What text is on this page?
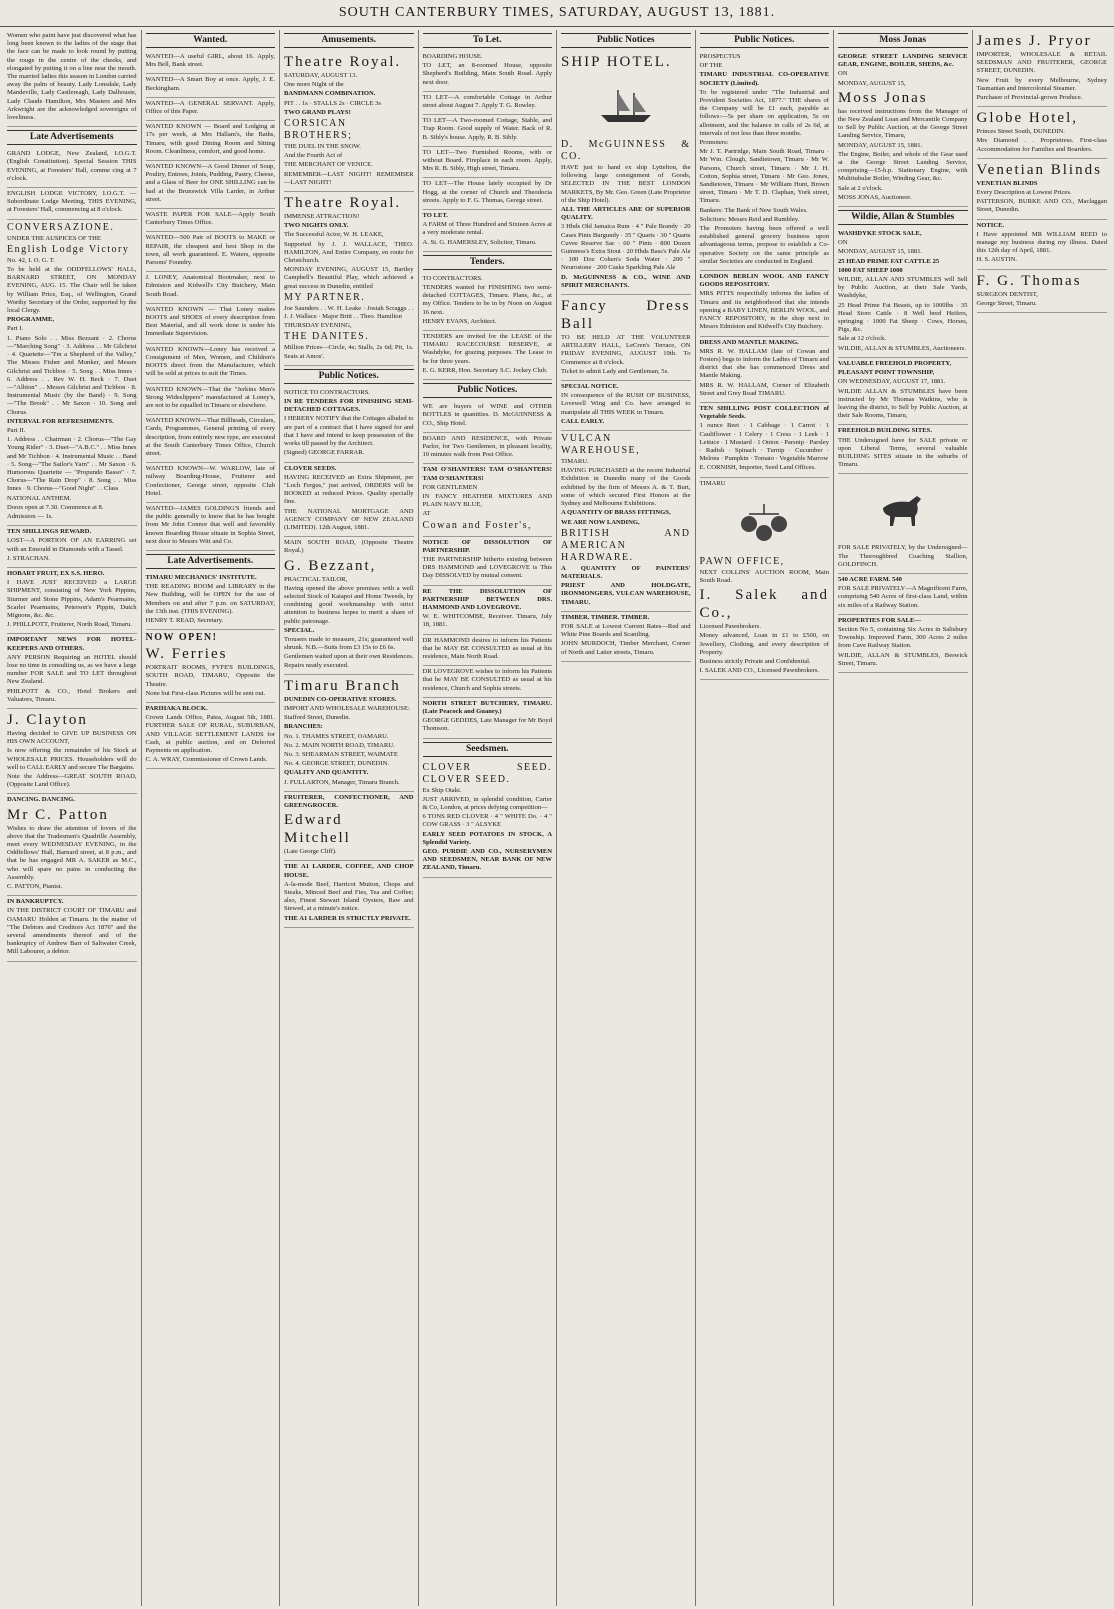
SOUTH CANTERBURY TIMES, SATURDAY, AUGUST 13, 1881.

Women who paint have just discovered what has long been known to the ladies of the stage that the face can be made to look round by putting the rouge in the centre of the cheeks, and elongated by putting it on a line near the mouth. The married ladies this season in London carried away the palm of beauty. Lady Lonsdale, Lady Mandeville, Lady Castlereagh, Lady Dalhousie, Lady Claude Hamilton, Mrs Masters and Mrs Arkwright are the acknowledged sovereigns of loveliness.

Late Advertisements

GRAND LODGE, New Zealand, I.O.G.T. (English Constitution). Special Session THIS EVENING, at Foresters' Hall, comme cing at 7 o'clock.

ENGLISH LODGE VICTORY, I.O.G.T. — Subordinate Lodge Meeting, THIS EVENING, at Foresters' Hall, commencing at 8 o'clock.

CONVERSAZIONE.

UNDER THE AUSPICES OF THE

English Lodge Victory

No. 42, I. O. G. T.

To be held at the ODDFELLOWS' HALL, BARNARD STREET, ON MONDAY EVENING, AUG. 15. The Chair will be taken by William Price, Esq., of Wellington, Grand Worthy Secretary of the Order, supported by the local Clergy.

PROGRAMME,

Part I.

1. Piano Solo . . Miss Bezzant · 2. Chorus—"Marching Song" · 3. Address . . Mr Gilchrist · 4. Quartette—"I'm a Shepherd of the Valley," The Misses Fisher and Munker, and Messrs Gilchrist and Tichbon · 5. Song . . Miss Innes · 6. Address . . Rev W. H. Beck · 7. Duet—"Albion" . . Messrs Gilchrist and Tichbon · 8. Instrumental Music (by the Band) · 9. Song—"The Brook" . . Mr Saxon · 10. Song and Chorus

INTERVAL FOR REFRESHMENTS.

Part II.

1. Address . . Chairman · 2. Chorus—"The Gay Young Rider" · 3. Duet—"A.B.C." . . Miss Innes and Mr Tichbon · 4. Instrumental Music . . Band · 5. Song—"The Sailor's Yarn" . . Mr Saxon · 6. Humorous Quartette — "Propundo Basso" · 7. Chorus—"The Rain Drop" · 8. Song . . Miss Innes · 9. Chorus—"Good Night" . . Class

NATIONAL ANTHEM.

Doors open at 7.30. Commence at 8.

Admission — 1s.

TEN SHILLINGS REWARD.

LOST—A PORTION OF AN EARRING set with an Emerald in Diamonds with a Tassel.

J. STRACHAN.

HOBART FRUIT, EX S.S. HERO.

I HAVE JUST RECEIVED a LARGE SHIPMENT, consisting of New York Pippins, Sturmer and Stone Pippins, Adam's Pearmains, Scarlet Pearmains, Peterson's Pippin, Dutch Mignons, &c. &c.

J. PHILLPOTT, Fruiterer, North Road, Timaru.

IMPORTANT NEWS FOR HOTEL-KEEPERS AND OTHERS.

ANY PERSON Requiring an HOTEL should lose no time in consulting us, as we have a large number FOR SALE and TO LET throughout New Zealand.

PHILPOTT & CO., Hotel Brokers and Valuators, Timaru.

J. Clayton

Having decided to GIVE UP BUSINESS ON HIS OWN ACCOUNT,

Is now offering the remainder of his Stock at WHOLESALE PRICES. Householders will do well to CALL EARLY and secure The Bargains.

Note the Address—GREAT SOUTH ROAD, (Opposite Land Office).

DANCING. DANCING.

Mr C. Patton

Wishes to draw the attention of lovers of the above that the Tradesmen's Quadrille Assembly, meet every WEDNESDAY EVENING, in the Oddfellows' Hall, Barnard street, at 8 p.m., and that he has engaged MR A. SAKER as M.C., who will spare no pains in conducting the Assembly.

C. PATTON, Pianist.

IN BANKRUPTCY.

IN THE DISTRICT COURT OF TIMARU and OAMARU Holden at Timaru. In the matter of "The Debtors and Creditors Act 1876" and the several amendments thereof and of the bankruptcy of Andrew Barr of Saltwater Creek, Mill Labourer, a debtor.

Wanted.

WANTED—A useful GIRL, about 16. Apply, Mrs Bell, Bank street.

WANTED—A Smart Boy at once. Apply, J. E. Beckingham.

WANTED—A GENERAL SERVANT. Apply, Office of this Paper.

WANTED KNOWN — Board and Lodging at 17s per week, at Mrs Hallam's, the Baths, Timaru, with good Dining Room and Sitting Room. Cleanliness, comfort, and good home.

WANTED KNOWN—A Good Dinner of Soup, Poultry, Entrees, Joints, Pudding, Pastry, Cheese, and a Glass of Beer for ONE SHILLING can be had at the Brunswick Villa Larder, in Arthur street.

WASTE PAPER FOR SALE—Apply South Canterbury Times Office.

WANTED—500 Pair of BOOTS to MAKE or REPAIR, the cheapest and best Shop in the town, all work guaranteed. E. Waters, opposite Parsons' Foundry.

J. LONEY, Anatomical Bootmaker, next to Edmiston and Kidwell's City Butchery, Main South Road.

WANTED KNOWN — That Loney makes BOOTS and SHOES of every description from Best Material, and all work done is under his Immediate Supervision.

WANTED KNOWN—Loney has received a Consignment of Men, Women, and Children's BOOTS direct from the Manufacturer, which will be sold at prices to suit the Times.

WANTED KNOWN—That the "Jerkins Men's Strong Wideslippers" manufactured at Loney's, are not to be equalled in Timaru or elsewhere.

WANTED KNOWN—That Billheads, Circulars, Cards, Programmes, General printing of every description, from entirely new type, are executed at the South Canterbury Times Office, Church street.

WANTED KNOWN—W. WARLOW, late of railway Boarding-House, Fruiterer and Confectioner, George street, opposite Club Hotel.

WANTED—JAMES GOLDING'S friends and the public generally to know that he has bought from Mr John Connor that well and favorably known Boarding House situate in Sophia Street, next door to Messrs Witt and Co.

Late Advertisements.

TIMARU MECHANICS' INSTITUTE.

THE READING ROOM and LIBRARY in the New Building, will be OPEN for the use of Members on and after 7 p.m. on SATURDAY, the 13th inst. (THIS EVENING).

HENRY T. READ, Secretary.

NOW OPEN!

W. Ferries

PORTRAIT ROOMS, FYFE'S BUILDINGS, SOUTH ROAD, TIMARU, Opposite the Theatre.

None but First-class Pictures will be sent out.

PARIHAKA BLOCK.

Crown Lands Office, Patea, August 5th, 1881. FURTHER SALE OF RURAL, SUBURBAN, AND VILLAGE SETTLEMENT LANDS for Cash, at public auction, and on Deferred Payments on application.

C. A. WRAY, Commissioner of Crown Lands.

Amusements.

Theatre Royal.

SATURDAY, AUGUST 13.

One more Night of the

BANDMANN COMBINATION.

PIT . . 1s · STALLS 2s · CIRCLE 3s

TWO GRAND PLAYS!

CORSICAN BROTHERS;

THE DUEL IN THE SNOW.

And the Fourth Act of

THE MERCHANT OF VENICE.

REMEMBER—LAST NIGHT! REMEMBER—LAST NIGHT!

Theatre Royal.

IMMENSE ATTRACTION!

TWO NIGHTS ONLY.

The Successful Actor, W. H. LEAKE,

Supported by J. J. WALLACE, THEO. HAMILTON, And Entire Company, en route for Christchurch.

MONDAY EVENING, AUGUST 15, Bartley Campbell's Beautiful Play, which achieved a great success in Dunedin, entitled

MY PARTNER.

Joe Saunders . . W. H. Leake · Josiah Scraggs . . J. J. Wallace · Major Britt . . Theo. Hamilton

THURSDAY EVENING,

THE DANITES.

Million Prices—Circle, 4s; Stalls, 2s 6d; Pit, 1s. Seats at Amos'.

Public Notices.

NOTICE TO CONTRACTORS.

IN RE TENDERS FOR FINISHING SEMI-DETACHED COTTAGES.

I HEREBY NOTIFY that the Cottages alluded to are part of a contract that I have signed for and that I have and intend to keep possession of the works till passed by the Architect.

(Signed) GEORGE FARRAR.

CLOVER SEEDS.

HAVING RECEIVED an Extra Shipment, per "Loch Fergus," just arrived, ORDERS will be BOOKED at reduced Prices. Quality specially fine.

THE NATIONAL MORTGAGE AND AGENCY COMPANY OF NEW ZEALAND (LIMITED). 12th August, 1881.

MAIN SOUTH ROAD, (Opposite Theatre Royal.)

G. Bezzant,

PRACTICAL TAILOR,

Having opened the above premises with a well selected Stock of Kaiapoi and Home Tweeds, by combining good workmanship with strict attention to business hopes to merit a share of public patronage.

SPECIAL.

Trousers made to measure, 21s; guaranteed well shrunk. N.B.—Suits from £3 15s to £6 6s.

Gentlemen waited upon at their own Residences. Repairs neatly executed.

Timaru Branch

DUNEDIN CO-OPERATIVE STORES.

IMPORT AND WHOLESALE WAREHOUSE:

Stafford Street, Dunedin.

BRANCHES:

No. 1. THAMES STREET, OAMARU.

No. 2. MAIN NORTH ROAD, TIMARU.

No. 3. SHEARMAN STREET, WAIMATE

No. 4. GEORGE STREET, DUNEDIN.

QUALITY AND QUANTITY.

J. FULLARTON, Manager, Timaru Branch.

FRUITERER, CONFECTIONER, AND GREENGROCER.

Edward Mitchell

(Late George Cliff).

THE A1 LARDER, COFFEE, AND CHOP HOUSE.

A-la-mode Beef, Harricot Mutton, Chops and Steaks, Minced Beef and Fies, Tea and Coffee; also, Finest Stewart Island Oysters, Raw and Stewed, at a minute's notice.

THE A1 LARDER IS STRICTLY PRIVATE.

To Let.

BOARDING HOUSE.

TO LET, an 8-roomed House, opposite Shepherd's Building, Main South Road. Apply next door.

TO LET—A comfortable Cottage in Arthur street about August 7. Apply T. G. Rowley.

TO LET—A Two-roomed Cottage, Stable, and Trap Room. Good supply of Water. Back of R. B. Sibly's house. Apply, R. B. Sibly.

TO LET—Two Furnished Rooms, with or without Board. Fireplace in each room. Apply, Mrs R. B. Sibly, High street, Timaru.

TO LET—The House lately occupied by Dr Hogg, at the corner of Church and Theodocia streets. Apply to F. G. Thomas, George street.

TO LET.

A FARM of Three Hundred and Sixteen Acres at a very moderate rental.

A. St. G. HAMERSLEY, Solicitor, Timaru.

Tenders.

TO CONTRACTORS.

TENDERS wanted for FINISHING two semi-detached COTTAGES, Timaru. Plans, &c., at my Office. Tenders to be in by Noon on August 16 next.

HENRY EVANS, Architect.

TENDERS are invited for the LEASE of the TIMARU RACECOURSE RESERVE, at Washdyke, for grazing purposes. The Lease to be for three years.

E. G. KERR, Hon. Secretary S.C. Jockey Club.

Public Notices.

WE are buyers of WINE and OTHER BOTTLES in quantities. D. McGUINNESS & CO., Ship Hotel.

BOARD AND RESIDENCE, with Private Parlor, for Two Gentlemen, in pleasant locality, 10 minutes walk from Post Office.

TAM O'SHANTERS! TAM O'SHANTERS! TAM O'SHANTERS!

FOR GENTLEMEN

IN FANCY HEATHER MIXTURES AND PLAIN NAVY BLUE,

AT

Cowan and Foster's,

NOTICE OF DISSOLUTION OF PARTNERSHIP.

THE PARTNERSHIP hitherto existing between DRS HAMMOND and LOVEGROVE is This Day DISSOLVED by mutual consent.

RE THE DISSOLUTION OF PARTNERSHIP BETWEEN DRS. HAMMOND AND LOVEGROVE.

W. E. WHITCOMBE, Receiver. Timaru, July 18, 1881.

DR HAMMOND desires to inform his Patients that he MAY BE CONSULTED as usual at his residence, Main North Road.

DR LOVEGROVE wishes to inform his Patients that he MAY BE CONSULTED as usual at his residence, Church and Sophia streets.

NORTH STREET BUTCHERY, TIMARU. (Late Peacock and Guaney.)

GEORGE GEDDES, Late Manager for Mr Boyd Thomson.

Seedsmen.

CLOVER SEED. CLOVER SEED.

Ex Ship Otaki.

JUST ARRIVED, in splendid condition, Carter & Co, London, at prices defying competition—

6 TONS RED CLOVER · 4 " WHITE Do. · 4 " COW GRASS · 3 " ALSYKE

EARLY SEED POTATOES IN STOCK, A Splendid Variety.

GEO. PURDIE AND CO., NURSERYMEN AND SEEDSMEN, NEAR BANK OF NEW ZEALAND, Timaru.

Public Notices

SHIP HOTEL.

D. McGUINNESS & CO.

HAVE just to hand ex ship Lyttelton, the following large consignment of Goods, SELECTED IN THE BEST LONDON MARKETS, By Mr. Geo. Green (Late Proprietor of the Ship Hotel).

ALL THE ARTICLES ARE OF SUPERIOR QUALITY.

3 Hhds Old Jamaica Rum · 4 " Pale Brandy · 20 Cases Pints Burgundy · 35 " Quarts · 30 " Quarts Cuvee Reserve Sac · 60 " Pints · 800 Dozen Guinness's Extra Stout · 20 Hhds Bass's Pale Ale · 100 Doz Cohen's Soda Water · 200 " Neurostone · 200 Casks Sparkling Pale Ale

D. McGUINNESS & CO., WINE AND SPIRIT MERCHANTS.

Fancy Dress Ball

TO BE HELD AT THE VOLUNTEER ARTILLERY HALL, LeCren's Terrace, ON FRIDAY EVENING, AUGUST 19th. To Commence at 8 o'clock.

Ticket to admit Lady and Gentleman, 5s.

SPECIAL NOTICE.

IN consequence of the RUSH OF BUSINESS, Lovewell Wing and Co. have arranged to manipulate all THIS WEEK in Timaru.

CALL EARLY.

VULCAN WAREHOUSE,

TIMARU.

HAVING PURCHASED at the recent Industrial Exhibition in Dunedin many of the Goods exhibited by the firm of Messrs A. & T. Burt, some of which secured First Honors at the Sydney and Melbourne Exhibitions.

A QUANTITY OF BRASS FITTINGS,

WE ARE NOW LANDING,

BRITISH AND AMERICAN HARDWARE.

A QUANTITY OF PAINTERS' MATERIALS.

PRIEST AND HOLDGATE, IRONMONGERS, VULCAN WAREHOUSE, TIMARU.

TIMBER. TIMBER. TIMBER.

FOR SALE at Lowest Current Rates—Red and White Pine Boards and Scantling.

JOHN MURDOCH, Timber Merchant, Corner of North and Latter streets, Timaru.

Public Notices.

PROSPECTUS

OF THE

TIMARU INDUSTRIAL CO-OPERATIVE SOCIETY (Limited).

To be registered under "The Industrial and Provident Societies Act, 1877." THE shares of the Company will be £1 each, payable as follows:—5s per share on application, 5s on allotment, and the balance in calls of 2s 6d, at intervals of not less than three months.

Promoters:

Mr J. T. Partridge, Main South Road, Timaru · Mr Wm. Clough, Sandietown, Timaru · Mr W. Parsons, Church street, Timaru · Mr J. H. Cotton, Sophia street, Timaru · Mr Geo. Jones, Sandietown, Timaru · Mr William Hunt, Brown street, Timaru · Mr T. D. Claphan, York street, Timaru.

Bankers: The Bank of New South Wales.

Solicitors: Messrs Reid and Rumbley.

The Promoters having been offered a well established general grocery business upon advantageous terms, propose to establish a Co-operative Society on the same principle as similar Societies are conducted in England.

LONDON BERLIN WOOL AND FANCY GOODS REPOSITORY.

MRS PITTS respectfully informs the ladies of Timaru and its neighborhood that she intends opening a BABY LINEN, BERLIN WOOL, and FANCY REPOSITORY, in the shop next to Messrs Edmiston and Kidwell's City Butchery.

DRESS AND MANTLE MAKING.

MRS R. W. HALLAM (late of Cowan and Fosters) begs to inform the Ladies of Timaru and district that she has commenced Dress and Mantle Making.

MRS R. W. HALLAM, Corner of Elizabeth Street and Grey Road TIMARU.

TEN SHILLING POST COLLECTION of Vegetable Seeds.

1 ounce Beet · 1 Cabbage · 1 Carrot · 1 Cauliflower · 1 Celery · 1 Cress · 1 Leek · 1 Lettuce · 1 Mustard · 1 Onion · Parsnip · Parsley · Radish · Spinach · Turnip · Cucumber · Melons · Pumpkin · Tomato · Vegetable Marrow

E. CORNISH, Importer, Seed Land Offices.

TIMARU

PAWN OFFICE,

NEXT COLLINS' AUCTION ROOM, Main South Road.

I. Salek and Co.,

Licensed Pawnbrokers.

Money advanced, Loan in £1 to £500, on Jewellery, Clothing, and every description of Property.

Business strictly Private and Confidential.

I. SALEK AND CO., Licensed Pawnbrokers.

Moss Jonas

GEORGE STREET LANDING SERVICE GEAR, ENGINE, BOILER, SHEDS, &c.

ON

MONDAY, AUGUST 15,

Moss Jonas

has received instructions from the Manager of the New Zealand Loan and Mercantile Company to Sell by Public Auction, at the George Street Landing Service, Timaru,

MONDAY, AUGUST 15, 1881.

The Engine, Boiler, and whole of the Gear used at the George Street Landing Service, comprising—15-h.p. Stationary Engine, with Multitubular Boiler, Winding Gear, &c.

Sale at 2 o'clock.

MOSS JONAS, Auctioneer.

Wildie, Allan & Stumbles

WASHDYKE STOCK SALE,

ON

MONDAY, AUGUST 15, 1881.

25 HEAD PRIME FAT CATTLE 25

1000 FAT SHEEP 1000

WILDIE, ALLAN AND STUMBLES will Sell by Public Auction, at their Sale Yards, Washdyke,

25 Head Prime Fat Beasts, up to 1000lbs · 35 Head Store Cattle · 8 Well bred Heifers, springing · 1000 Fat Sheep · Cows, Horses, Pigs, &c.

Sale at 12 o'clock.

WILDIE, ALLAN & STUMBLES, Auctioneers.

VALUABLE FREEHOLD PROPERTY,

PLEASANT POINT TOWNSHIP,

ON WEDNESDAY, AUGUST 17, 1881.

WILDIE ALLAN & STUMBLES have been instructed by Mr Thomas Watkins, who is leaving the district, to Sell by Public Auction, at their Sale Rooms, Timaru,

FREEHOLD BUILDING SITES.

THE Undersigned have for SALE private or upon Liberal Terms, several valuable BUILDING SITES situate in the suburbs of Timaru.

FOR SALE PRIVATELY, by the Undersigned—The Thoroughbred Coaching Stallion, GOLDFINCH.

540 ACRE FARM. 540

FOR SALE PRIVATELY—A Magnificent Farm, comprising 540 Acres of first-class Land, within six miles of a Railway Station.

PROPERTIES FOR SALE—

Section No 5, containing Six Acres in Salisbury Township. Improved Farm, 300 Acres 2 miles from Cave Railway Station.

WILDIE, ALLAN & STUMBLES, Beswick Street, Timaru.

James J. Pryor

IMPORTER, WHOLESALE & RETAIL SEEDSMAN AND FRUITERER, GEORGE STREET, DUNEDIN.

New Fruit by every Melbourne, Sydney Tasmanian and Intercolonial Steamer.

Purchaser of Provincial-grown Produce.

Globe Hotel,

Princes Street South, DUNEDIN.

Mrs Diamond . . Proprietress. First-class Accommodation for Families and Boarders.

Venetian Blinds

VENETIAN BLINDS

Every Description at Lowest Prices.

PATTERSON, BURKE AND CO., Maclaggan Street, Dunedin.

NOTICE.

I Have appointed MR WILLIAM REED to manage my business during my illness. Dated this 12th day of April, 1881.

H. S. AUSTIN.

F. G. Thomas

SURGEON DENTIST,

George Street, Timaru.
